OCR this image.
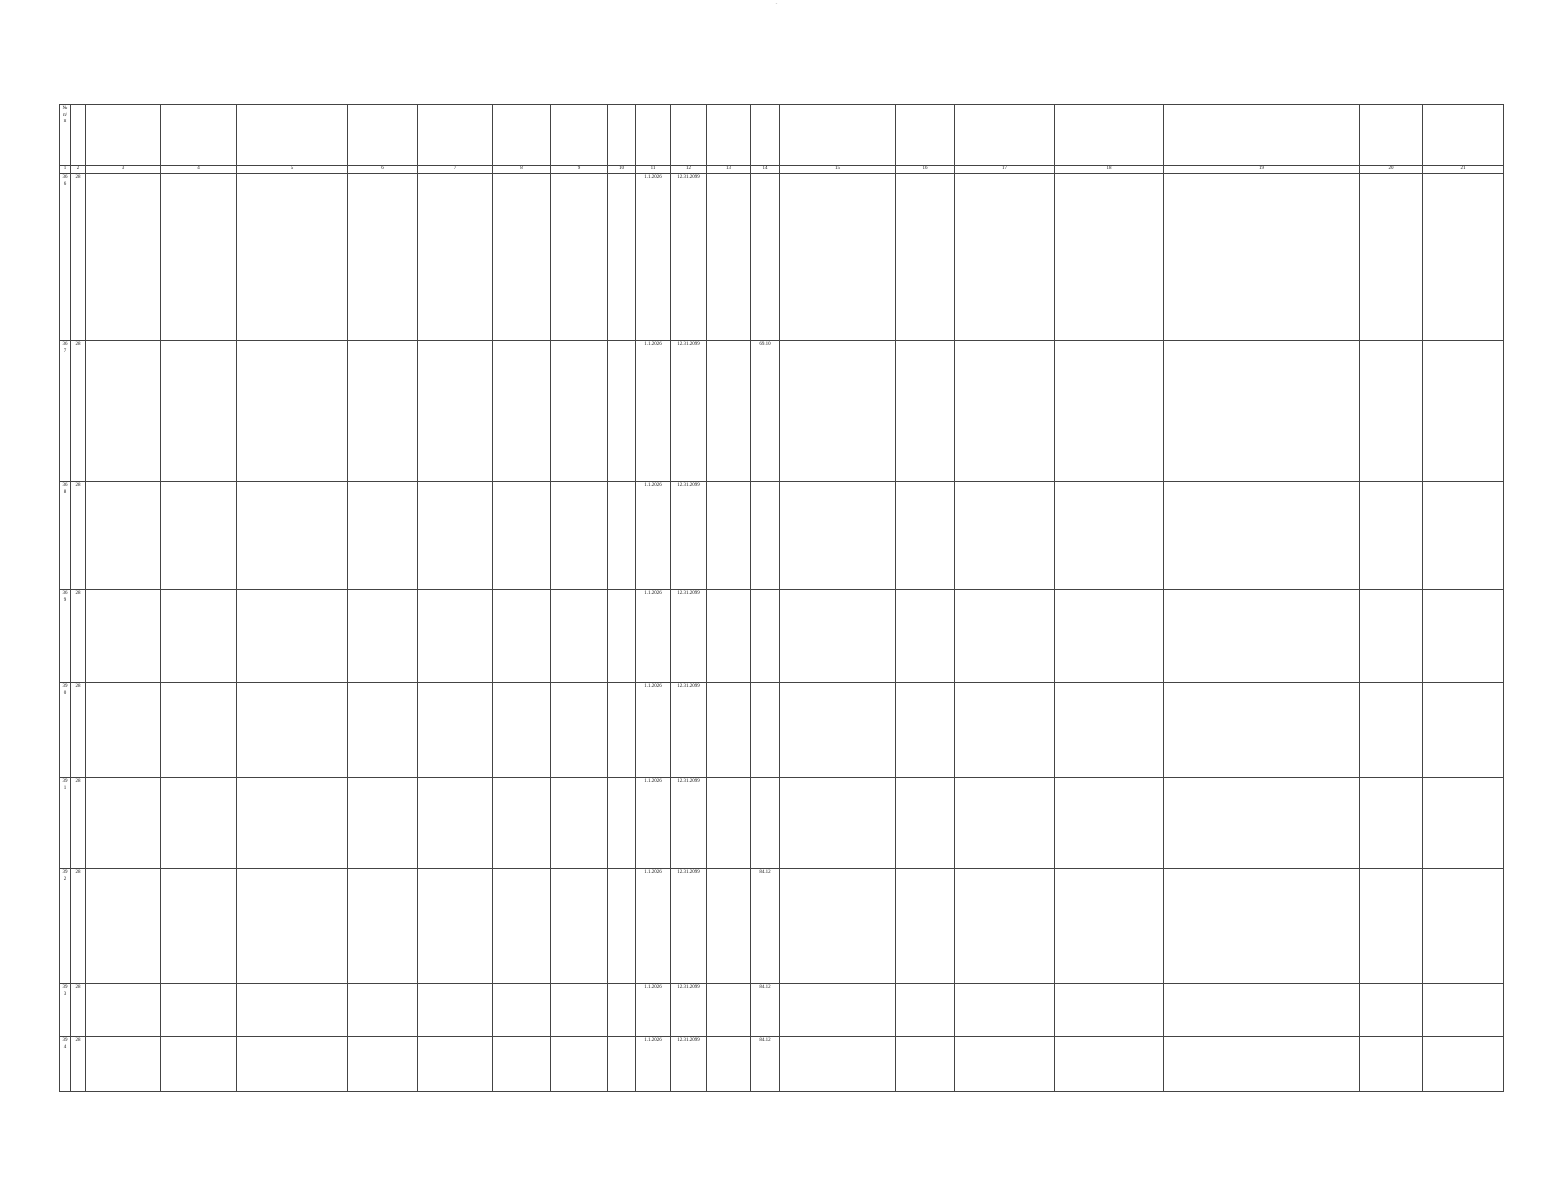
-
№ п/п																				
1	2	3	4	5	6	7	8	9	10	11	12	13	14	15	16	17	18	19	20	21
366	28									1.1.2026	12.31.2099									
367	28									1.1.2026	12.31.2099		69.10							
368	28									1.1.2026	12.31.2099									
369	28									1.1.2026	12.31.2099									
390	28									1.1.2026	12.31.2099									
391	28									1.1.2026	12.31.2099									
392	28									1.1.2026	12.31.2099		84.12							
393	28									1.1.2026	12.31.2099		84.12							
394	28									1.1.2026	12.31.2099		84.12							
